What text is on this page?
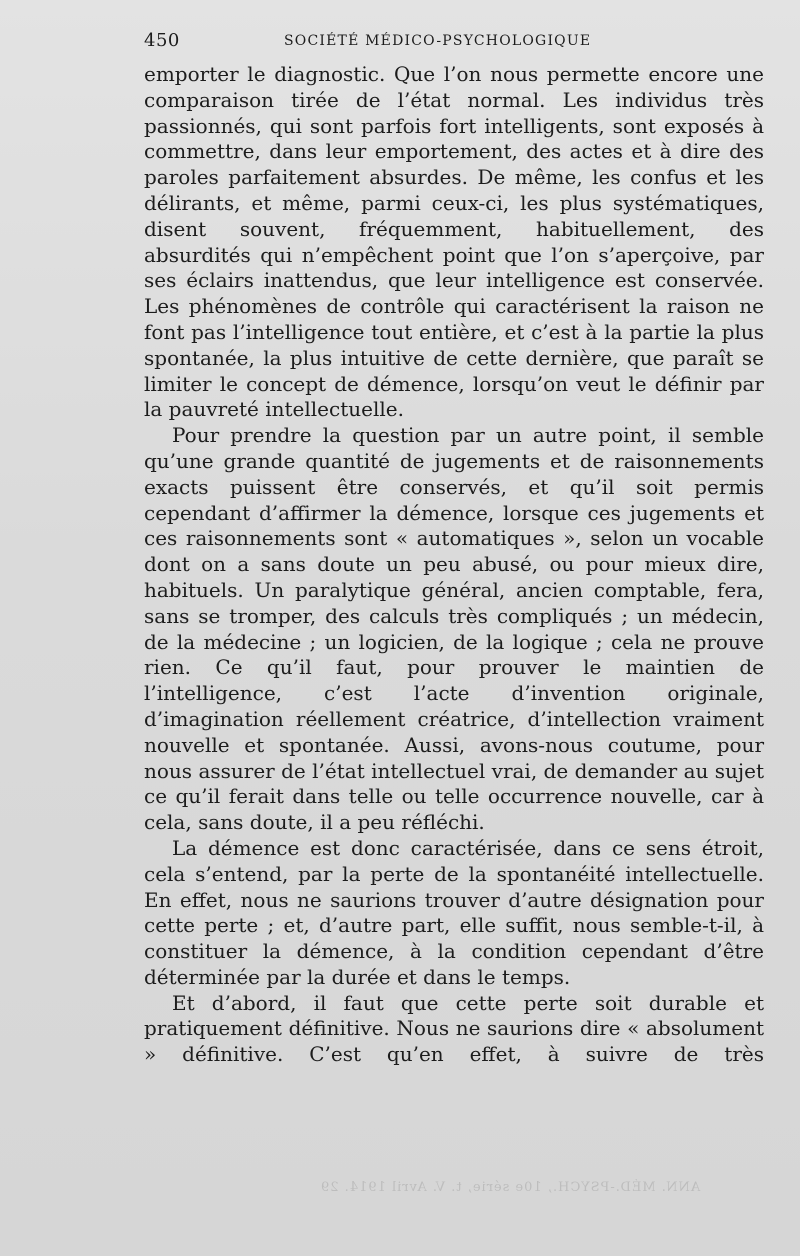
450	SOCIÉTÉ MÉDICO-PSYCHOLOGIQUE

emporter le diagnostic. Que l’on nous permette encore une comparaison tirée de l’état normal. Les individus très passionnés, qui sont parfois fort intelligents, sont exposés à commettre, dans leur emportement, des actes et à dire des paroles parfaitement absurdes. De même, les confus et les délirants, et même, parmi ceux-ci, les plus systématiques, disent souvent, fréquemment, habituellement, des absurdités qui n’empêchent point que l’on s’aperçoive, par ses éclairs inattendus, que leur intelligence est conservée. Les phénomènes de contrôle qui caractérisent la raison ne font pas l’intelligence tout entière, et c’est à la partie la plus spontanée, la plus intuitive de cette dernière, que paraît se limiter le concept de démence, lorsqu’on veut le définir par la pauvreté intellectuelle.

Pour prendre la question par un autre point, il semble qu’une grande quantité de jugements et de raisonnements exacts puissent être conservés, et qu’il soit permis cependant d’affirmer la démence, lorsque ces jugements et ces raisonnements sont « automatiques », selon un vocable dont on a sans doute un peu abusé, ou pour mieux dire, habituels. Un paralytique général, ancien comptable, fera, sans se tromper, des calculs très compliqués ; un médecin, de la médecine ; un logicien, de la logique ; cela ne prouve rien. Ce qu’il faut, pour prouver le maintien de l’intelligence, c’est l’acte d’invention originale, d’imagination réellement créatrice, d’intellection vraiment nouvelle et spontanée. Aussi, avons-nous coutume, pour nous assurer de l’état intellectuel vrai, de demander au sujet ce qu’il ferait dans telle ou telle occurrence nouvelle, car à cela, sans doute, il a peu réfléchi.

La démence est donc caractérisée, dans ce sens étroit, cela s’entend, par la perte de la spontanéité intellectuelle. En effet, nous ne saurions trouver d’autre désignation pour cette perte ; et, d’autre part, elle suffit, nous semble-t-il, à constituer la démence, à la condition cependant d’être déterminée par la durée et dans le temps.

Et d’abord, il faut que cette perte soit durable et pratiquement définitive. Nous ne saurions dire « absolument » définitive. C’est qu’en effet, à suivre de très

ANN. MÉD.-PSYCH., 10e série, t. V. Avril 1914. 29
